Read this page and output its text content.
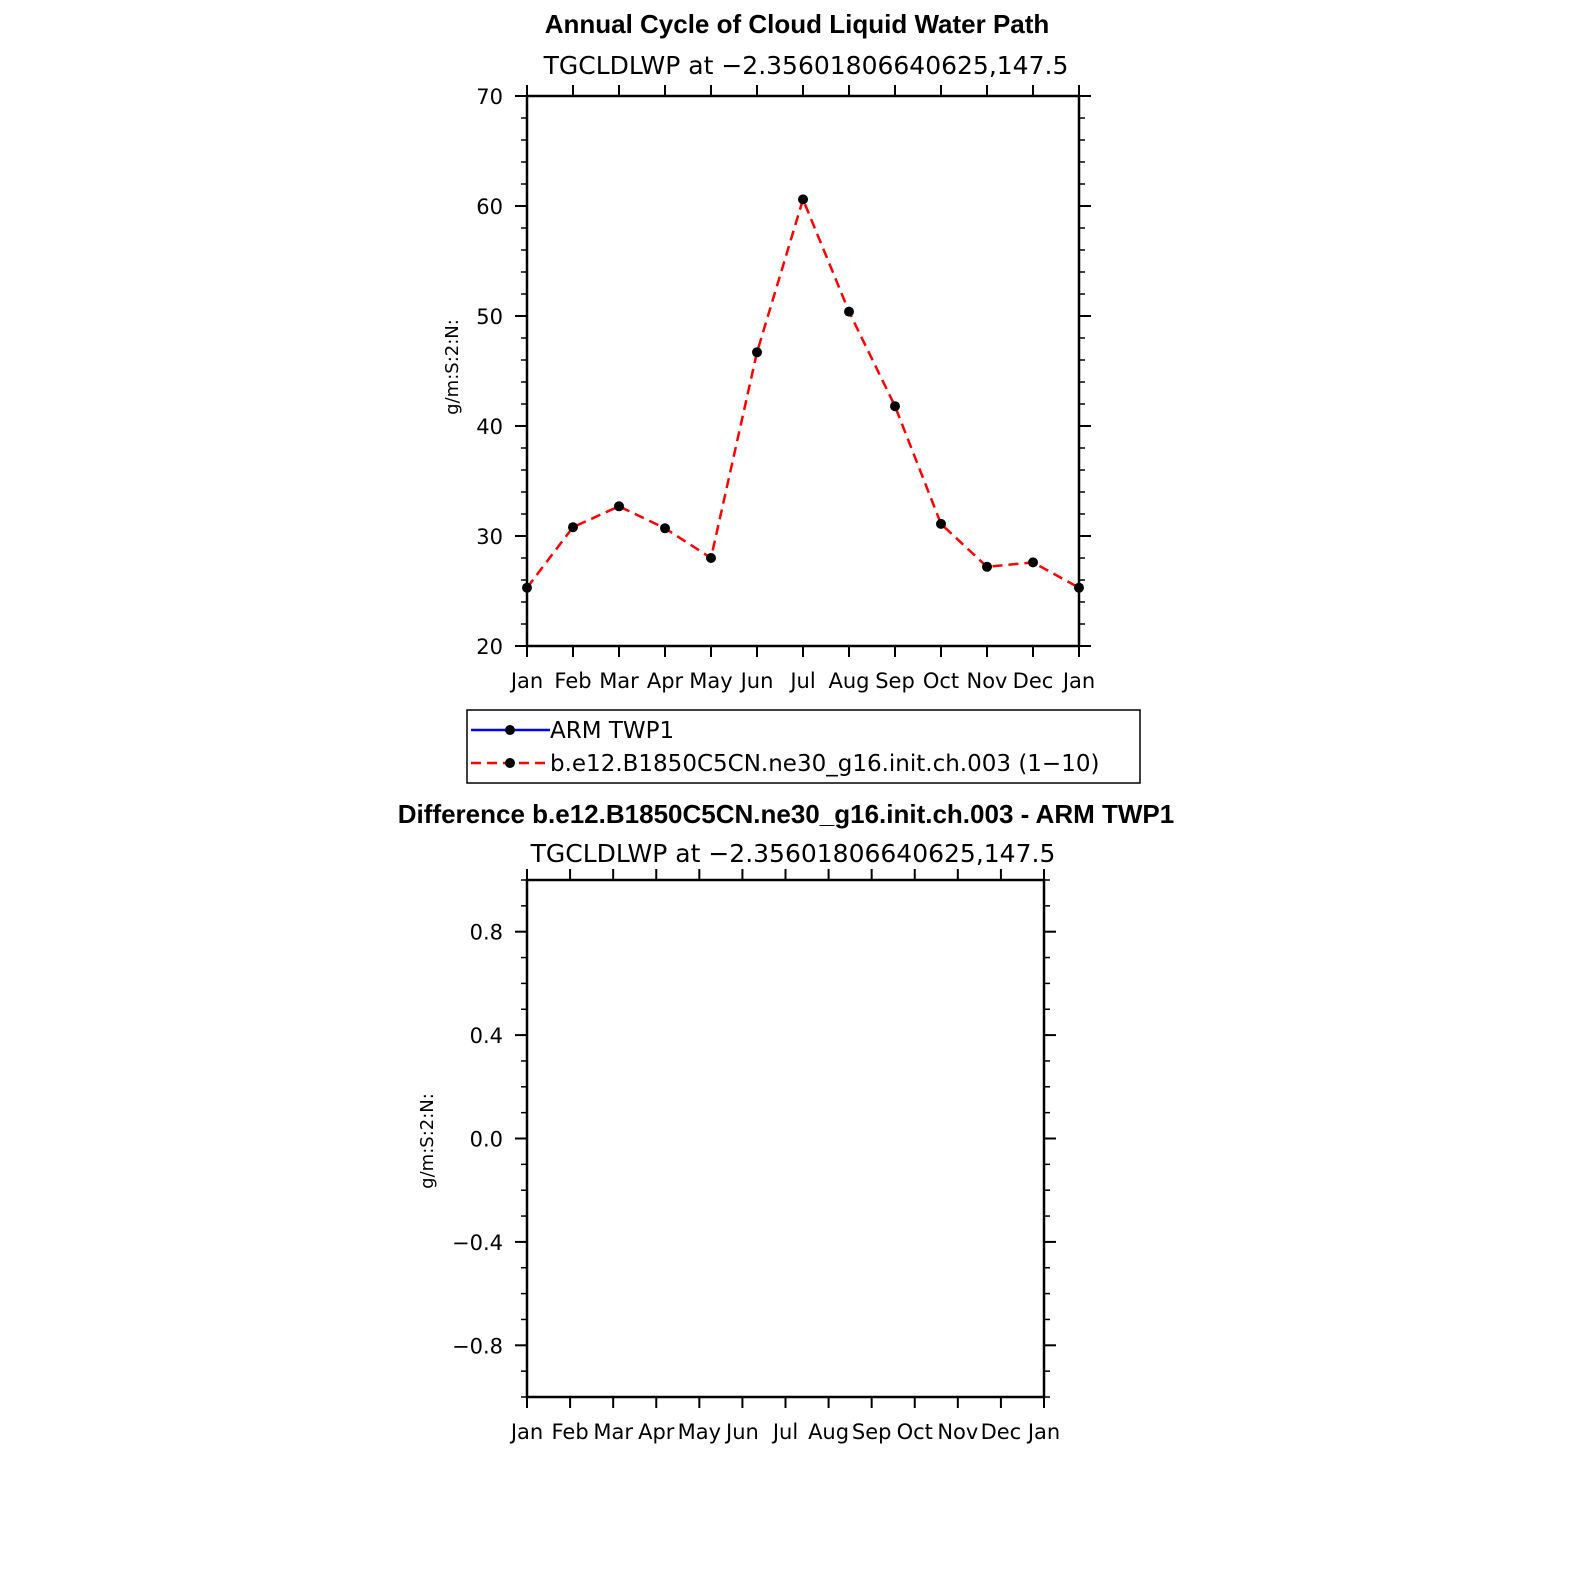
Annual Cycle of Cloud Liquid Water Path
TGCLDLWP at −2.35601806640625,147.5
g/m:S:2:N:
Jan Feb Mar Apr May Jun Jul Aug Sep Oct Nov Dec Jan
20
30
40
50
60
70
ARM TWP1
b.e12.B1850C5CN.ne30_g16.init.ch.003 (1−10)
Difference b.e12.B1850C5CN.ne30_g16.init.ch.003 - ARM TWP1
TGCLDLWP at −2.35601806640625,147.5
g/m:S:2:N:
Jan Feb Mar Apr May Jun Jul Aug Sep Oct Nov Dec Jan
−0.8
−0.4
0.0
0.4
0.8
